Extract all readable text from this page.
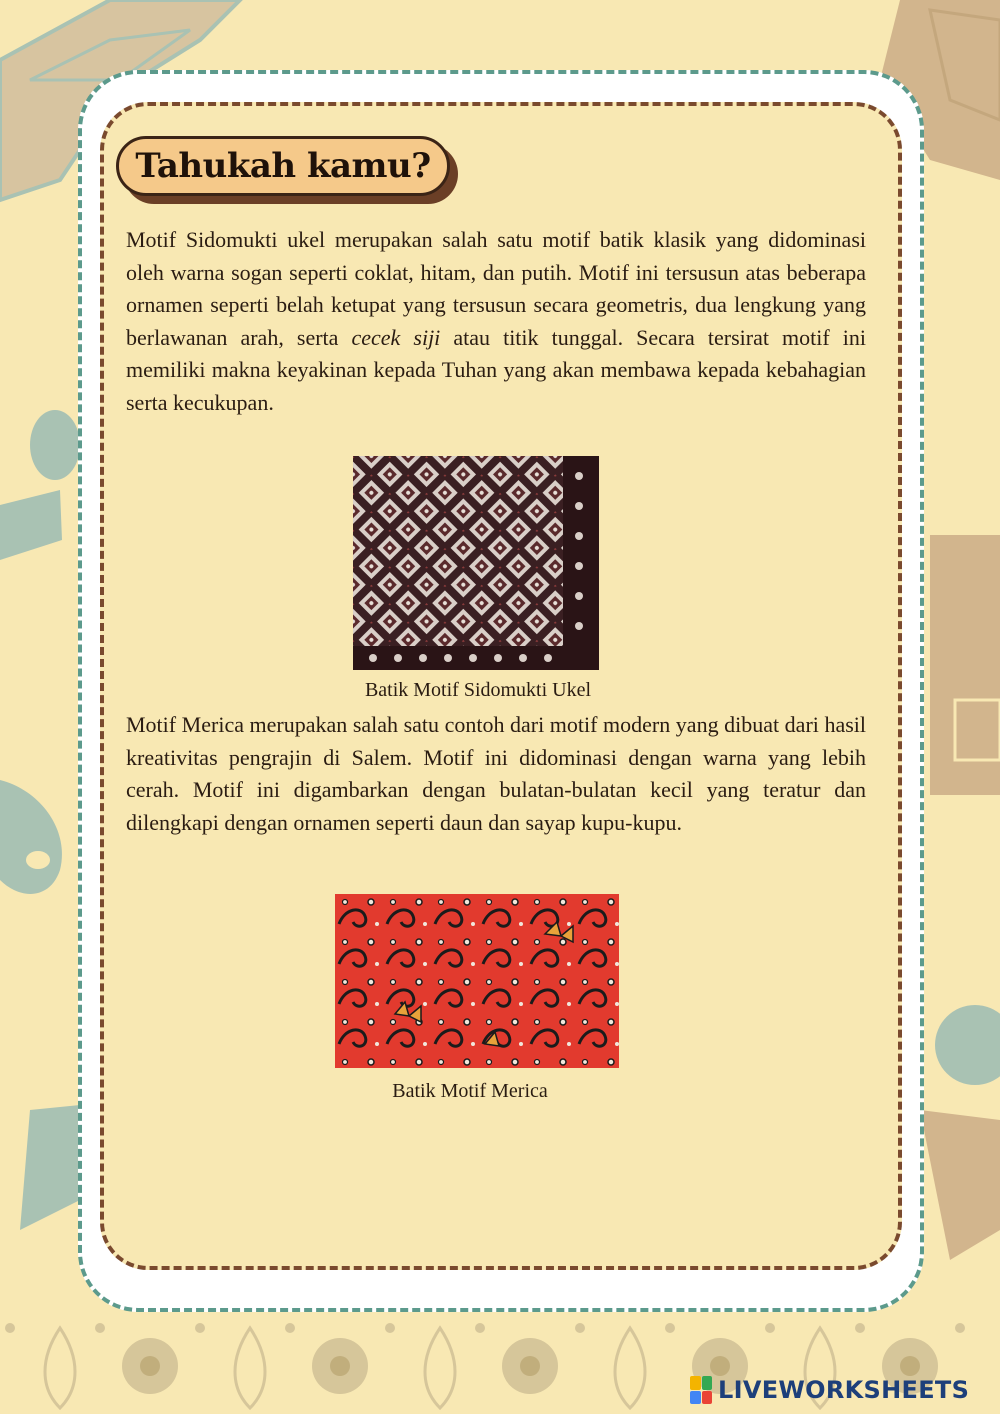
Tahukah kamu?

Motif Sidomukti ukel merupakan salah satu motif batik klasik yang didominasi oleh warna sogan seperti coklat, hitam, dan putih. Motif ini tersusun atas beberapa ornamen seperti belah ketupat yang tersusun secara geometris, dua lengkung yang berlawanan arah, serta cecek siji atau titik tunggal. Secara tersirat motif ini memiliki makna keyakinan kepada Tuhan yang akan membawa kepada kebahagian serta kecukupan.

Batik Motif Sidomukti Ukel

Motif Merica merupakan salah satu contoh dari motif modern yang dibuat dari hasil kreativitas pengrajin di Salem. Motif ini didominasi dengan warna yang lebih cerah. Motif ini digambarkan dengan bulatan-bulatan kecil yang teratur dan dilengkapi dengan ornamen seperti daun dan sayap kupu-kupu.

Batik Motif Merica
LIVEWORKSHEETS
